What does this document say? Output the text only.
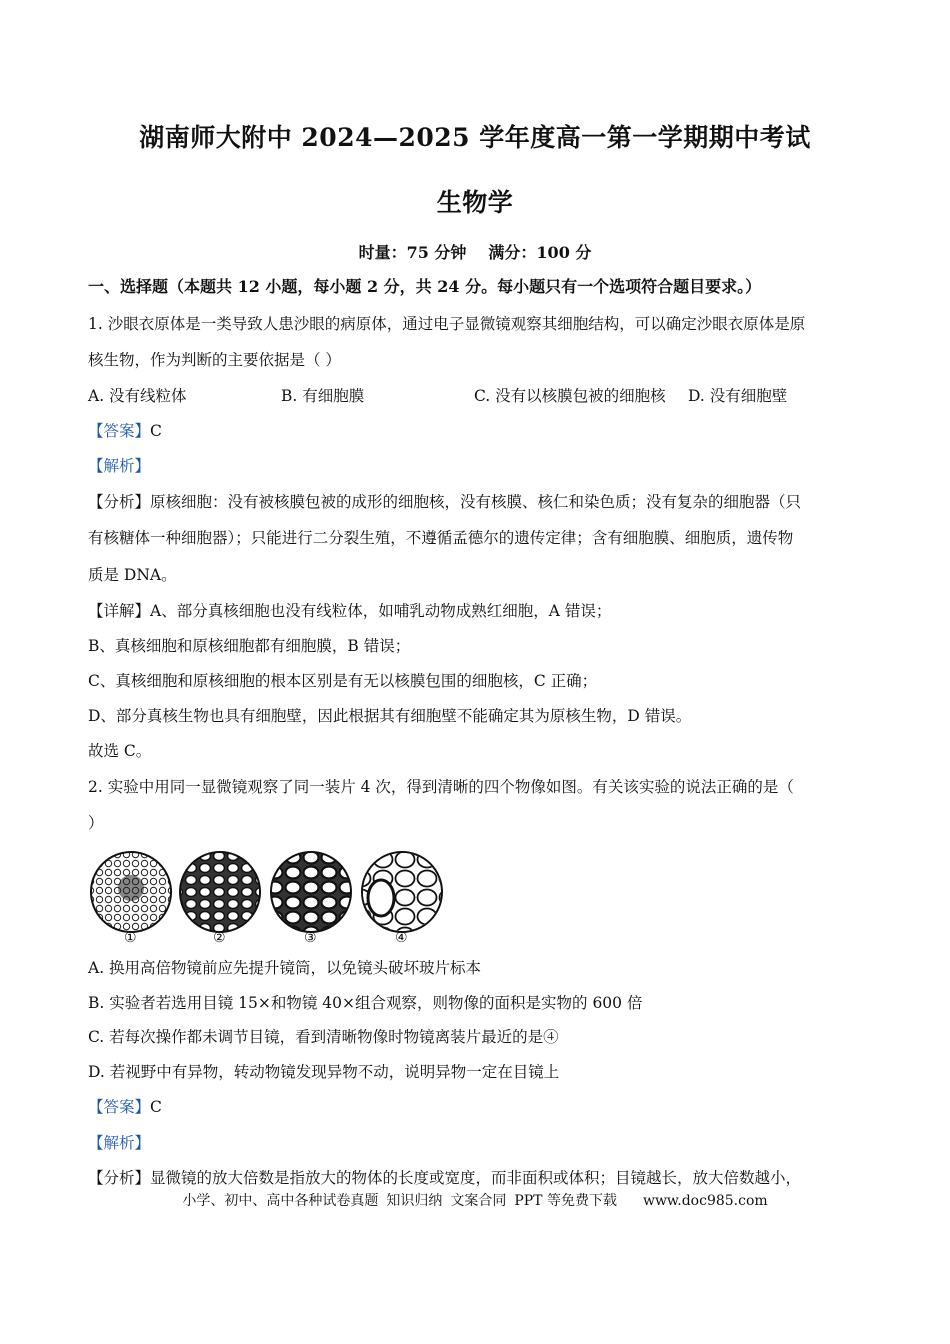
湖南师大附中 2024—2025 学年度高一第一学期期中考试
生物学
时量：75 分钟 满分：100 分
一、选择题（本题共 12 小题，每小题 2 分，共 24 分。每小题只有一个选项符合题目要求。）
1. 沙眼衣原体是一类导致人患沙眼的病原体，通过电子显微镜观察其细胞结构，可以确定沙眼衣原体是原
核生物，作为判断的主要依据是（ ）
A. 没有线粒体	B. 有细胞膜	C. 没有以核膜包被的细胞核 D. 没有细胞壁
【答案】C
【解析】
【分析】原核细胞：没有被核膜包被的成形的细胞核，没有核膜、核仁和染色质；没有复杂的细胞器（只
有核糖体一种细胞器）；只能进行二分裂生殖，不遵循孟德尔的遗传定律；含有细胞膜、细胞质，遗传物
质是 DNA。
【详解】A、部分真核细胞也没有线粒体，如哺乳动物成熟红细胞，A 错误；
B、真核细胞和原核细胞都有细胞膜，B 错误；
C、真核细胞和原核细胞的根本区别是有无以核膜包围的细胞核，C 正确；
D、部分真核生物也具有细胞壁，因此根据其有细胞壁不能确定其为原核生物，D 错误。
故选 C。
2. 实验中用同一显微镜观察了同一装片 4 次，得到清晰的四个物像如图。有关该实验的说法正确的是（
）
①	②	③	④
A. 换用高倍物镜前应先提升镜筒，以免镜头破坏玻片标本
B. 实验者若选用目镜 15×和物镜 40×组合观察，则物像的面积是实物的 600 倍
C. 若每次操作都未调节目镜，看到清晰物像时物镜离装片最近的是④
D. 若视野中有异物，转动物镜发现异物不动，说明异物一定在目镜上
【答案】C
【解析】
【分析】显微镜的放大倍数是指放大的物体的长度或宽度，而非面积或体积；目镜越长，放大倍数越小，
小学、初中、高中各种试卷真题 知识归纳 文案合同 PPT 等免费下载 www.doc985.com
